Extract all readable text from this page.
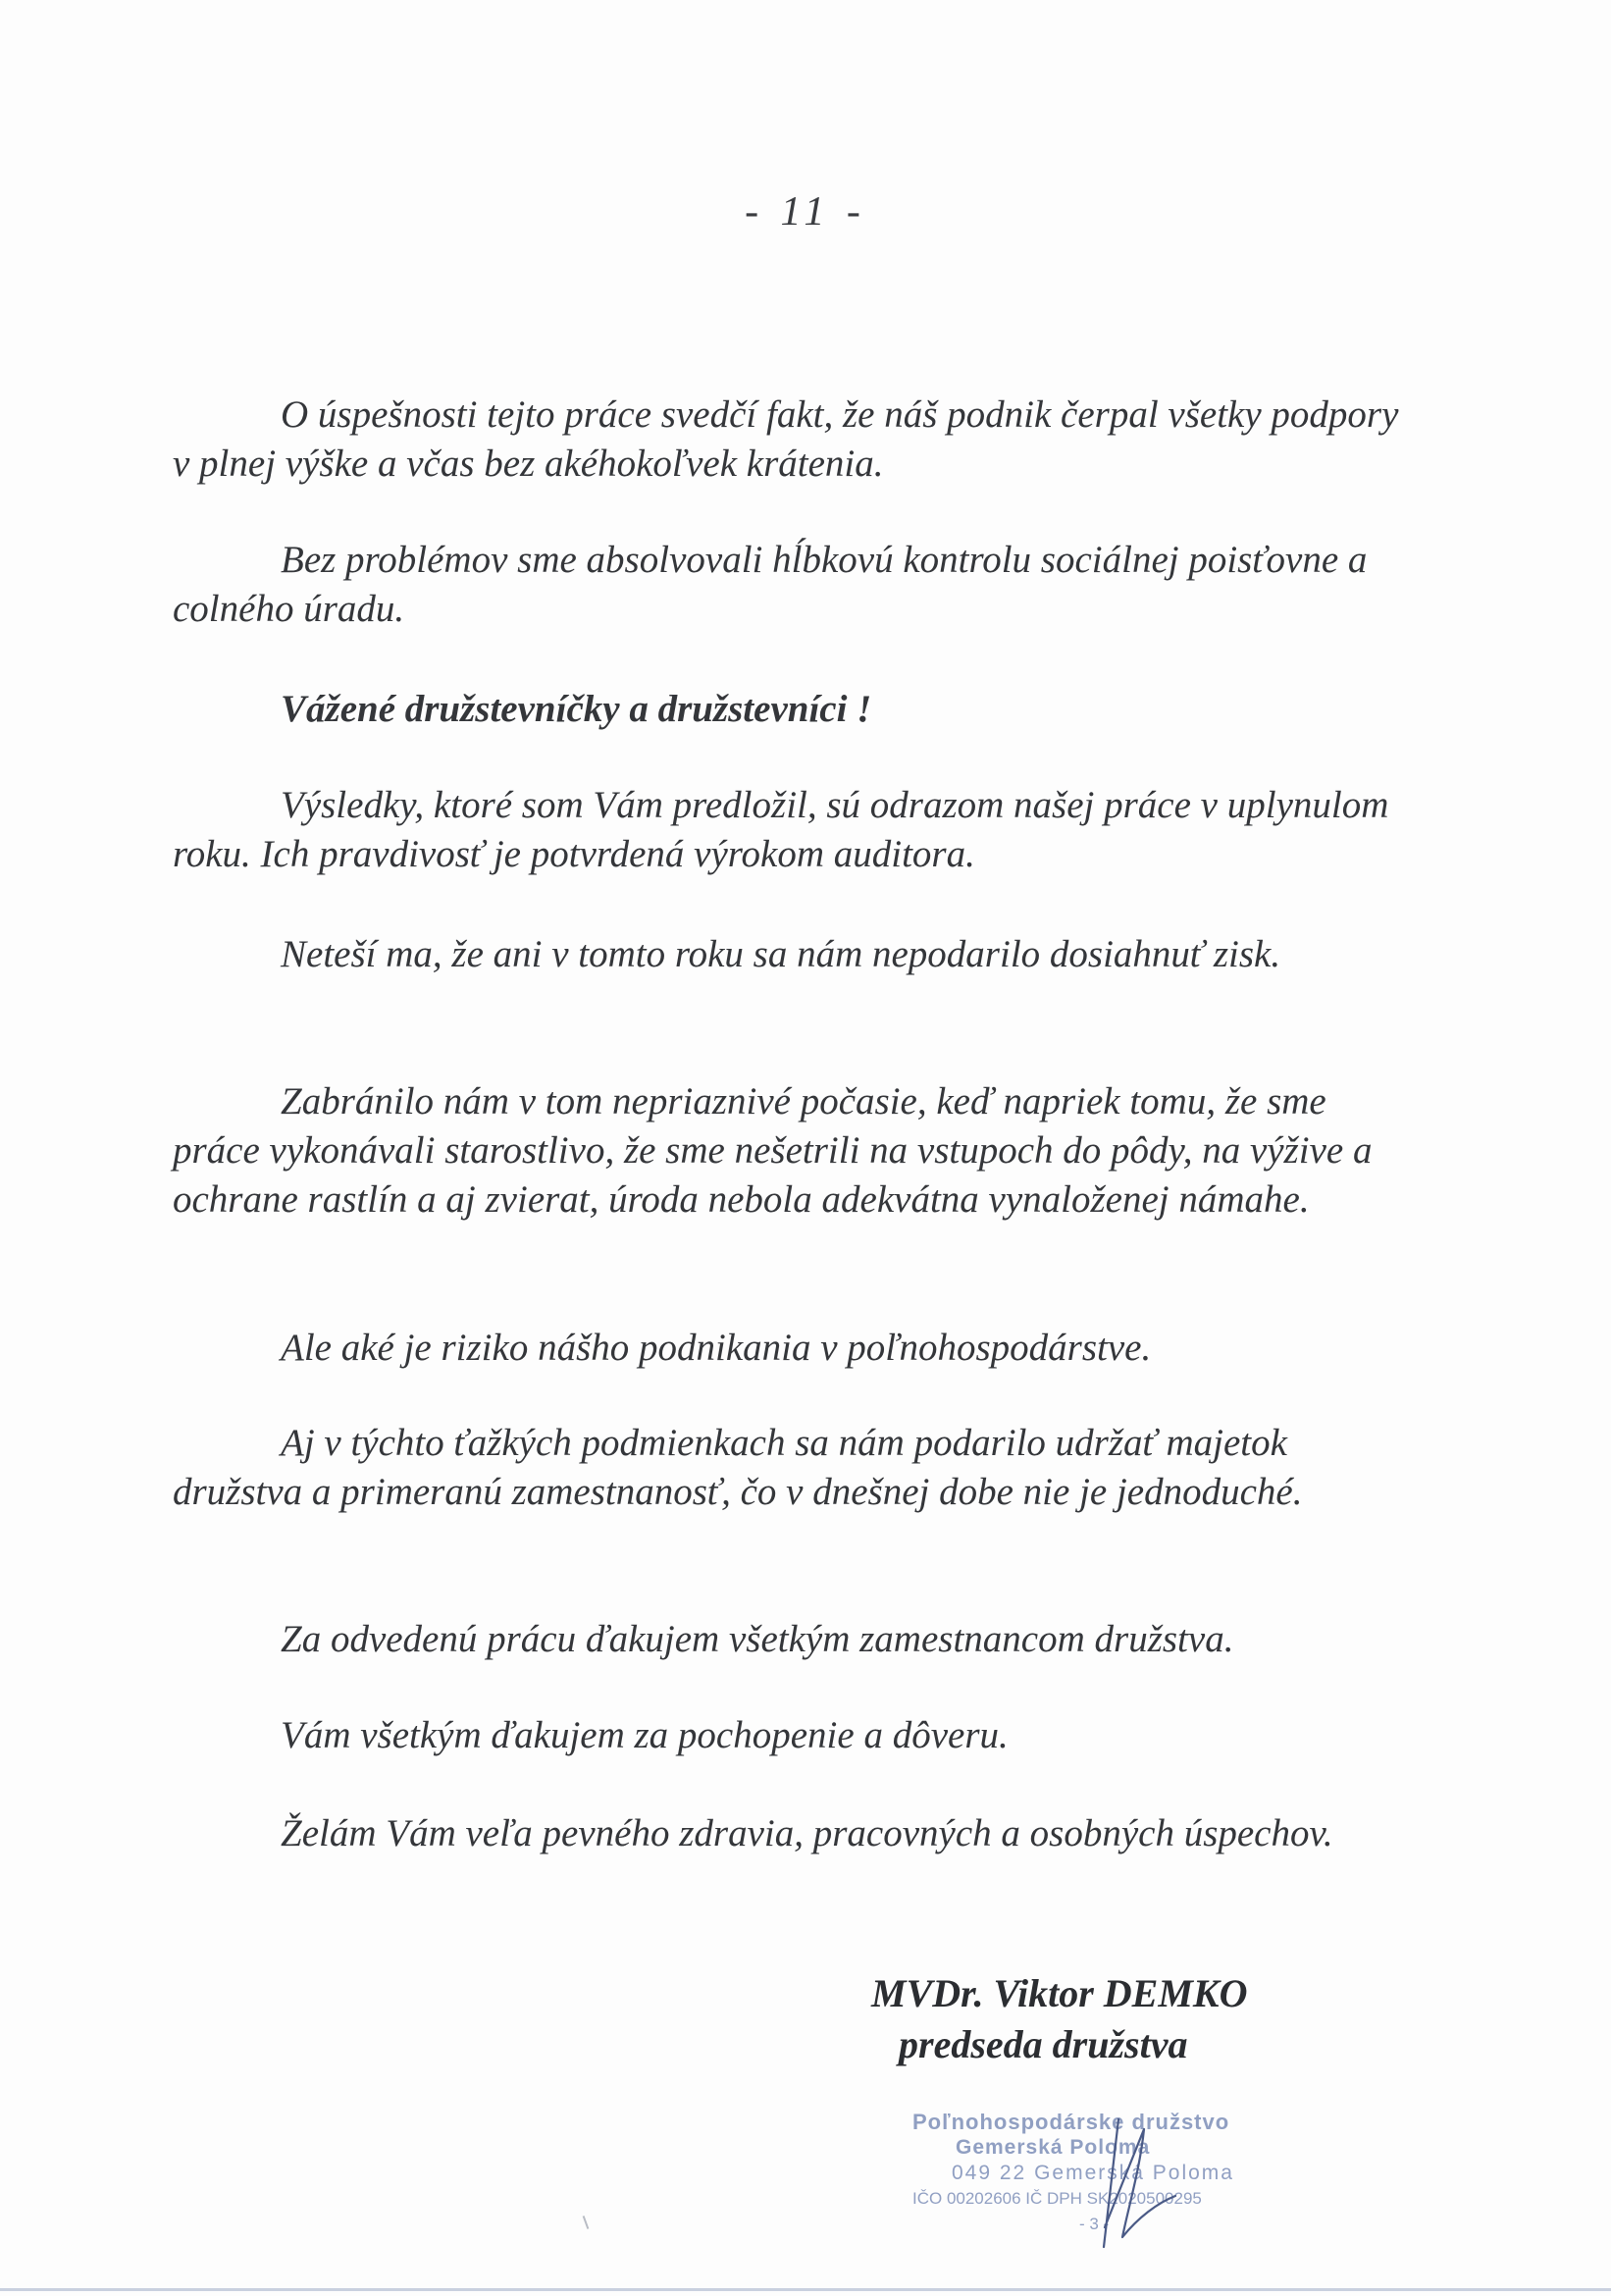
- 11 -

O úspešnosti tejto práce svedčí fakt, že náš podnik čerpal všetky podpory v plnej výške a včas bez akéhokoľvek krátenia.

Bez problémov sme absolvovali hĺbkovú kontrolu sociálnej poisťovne a colného úradu.

Vážené družstevníčky a družstevníci !

Výsledky, ktoré som Vám predložil, sú odrazom našej práce v uplynulom roku. Ich pravdivosť je potvrdená výrokom auditora.

Neteší ma, že ani v tomto roku sa nám nepodarilo dosiahnuť zisk.

Zabránilo nám v tom nepriaznivé počasie, keď napriek tomu, že sme práce vykonávali starostlivo, že sme nešetrili na vstupoch do pôdy, na výžive a ochrane rastlín a aj zvierat, úroda nebola adekvátna vynaloženej námahe.

Ale aké je riziko nášho podnikania v poľnohospodárstve.

Aj v týchto ťažkých podmienkach sa nám podarilo udržať majetok družstva a primeranú zamestnanosť, čo v dnešnej dobe nie je jednoduché.

Za odvedenú prácu ďakujem všetkým zamestnancom družstva.

Vám všetkým ďakujem za pochopenie a dôveru.

Želám Vám veľa pevného zdravia, pracovných a osobných úspechov.

MVDr. Viktor DEMKO
predseda družstva
Poľnohospodárske družstvo
Gemerská Poloma
049 22 Gemerská Poloma
IČO 00202606 IČ DPH SK2020500295
- 3 -
